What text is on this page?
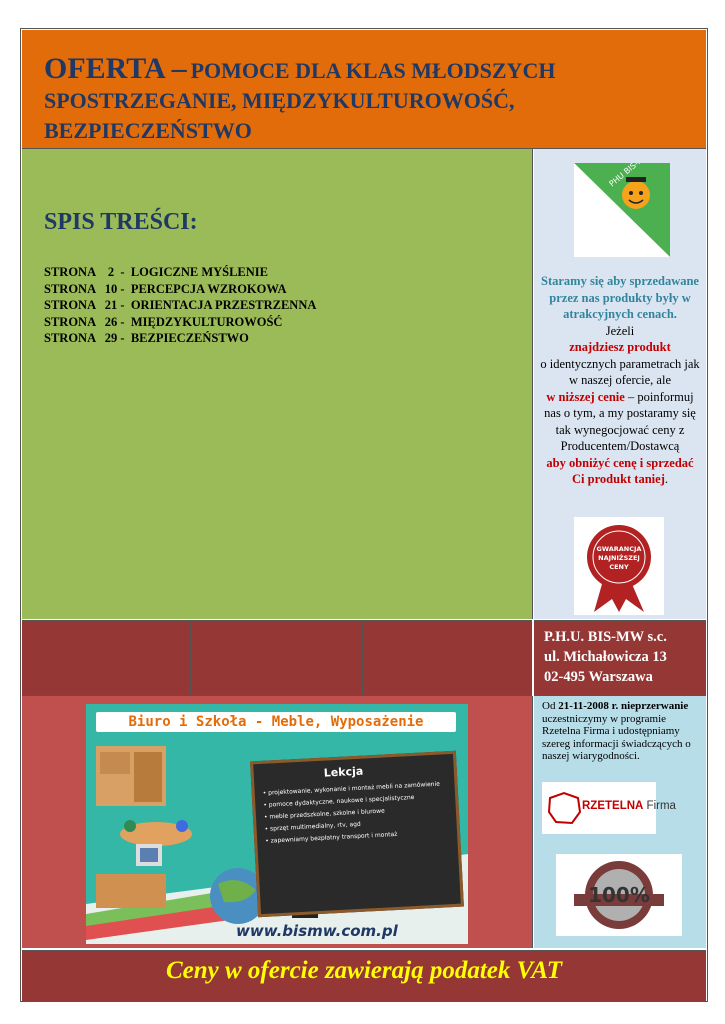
OFERTA – POMOCE DLA KLAS MŁODSZYCH
SPOSTRZEGANIE, MIĘDZYKULTUROWOŚĆ,
BEZPIECZEŃSTWO
SPIS TREŚCI:
STRONA    2  -  LOGICZNE MYŚLENIE
STRONA   10 -  PERCEPCJA WZROKOWA
STRONA   21 -  ORIENTACJA PRZESTRZENNA
STRONA   26 -  MIĘDZYKULTUROWOŚĆ
STRONA   29 -  BEZPIECZEŃSTWO
Staramy się aby sprzedawane przez nas produkty były w atrakcyjnych cenach.
Jeżeli
znajdziesz produkt
o identycznych parametrach jak w naszej ofercie, ale
w niższej cenie – poinformuj nas o tym, a my postaramy się tak wynegocjować ceny z Producentem/Dostawcą
aby obniżyć cenę i sprzedać Ci produkt taniej.
GWARANCJA
NAJNIŻSZEJ
CENY
P.H.U. BIS-MW s.c.
ul. Michałowicza 13
02-495 Warszawa
Biuro i Szkoła - Meble, Wyposażenie
Lekcja
• projektowanie, wykonanie i montaż mebli na zamówienie
• pomoce dydaktyczne, naukowe i specjalistyczne
• meble przedszkolne, szkolne i biurowe
• sprzęt multimedialny, rtv, agd
• zapewniamy bezpłatny transport i montaż
www.bismw.com.pl
Od 21-11-2008 r. nieprzerwanie uczestniczymy w programie Rzetelna Firma i udostępniamy szereg informacji świadczących o naszej wiarygodności.
RZETELNA Firma
100%
Ceny w ofercie zawierają podatek VAT
